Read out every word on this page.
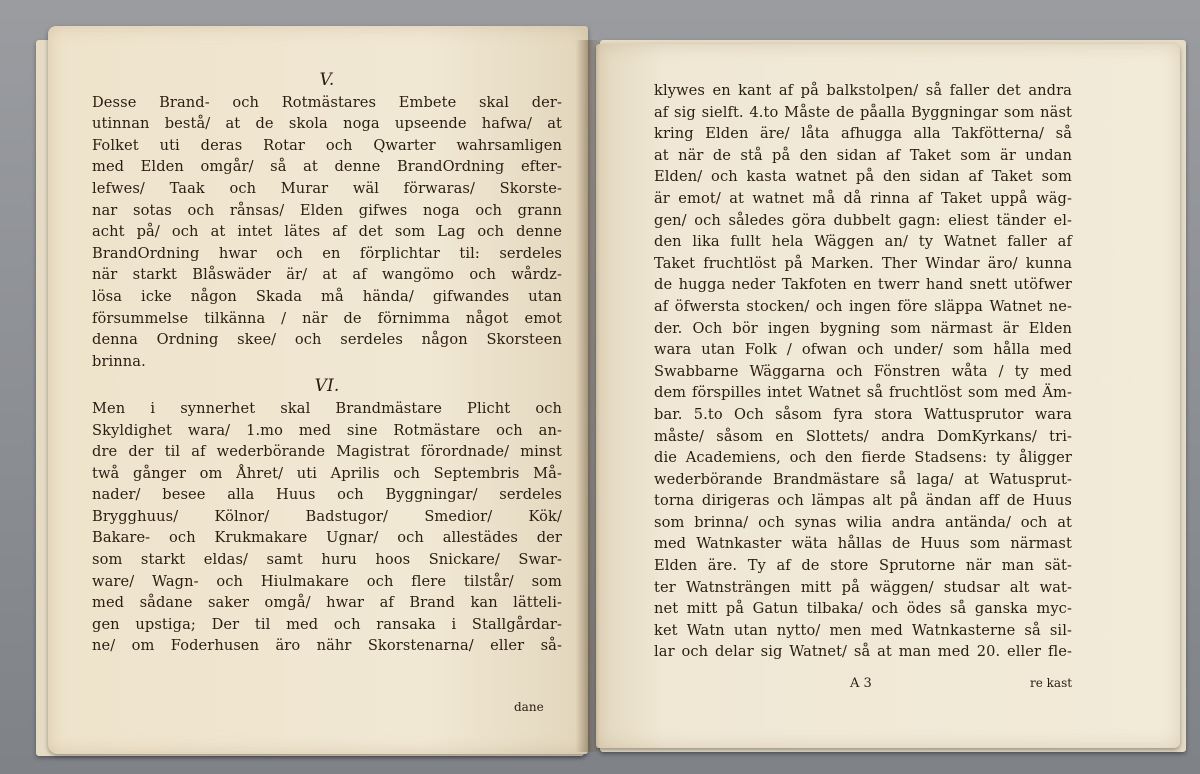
V.
Desse Brand- och Rotmästares Embete skal der-
utinnan bestå/ at de skola noga upseende hafwa/ at
Folket uti deras Rotar och Qwarter wahrsamligen
med Elden omgår/ så at denne BrandOrdning efter-
lefwes/ Taak och Murar wäl förwaras/ Skorste-
nar sotas och rånsas/ Elden gifwes noga och grann
acht på/ och at intet lätes af det som Lag och denne
BrandOrdning hwar och en förplichtar til: serdeles
när starkt Blåswäder är/ at af wangömo och wårdz-
lösa icke någon Skada må hända/ gifwandes utan
försummelse tilkänna / när de förnimma något emot
denna Ordning skee/ och serdeles någon Skorsteen
brinna.
VI.
Men i synnerhet skal Brandmästare Plicht och
Skyldighet wara/ 1.mo med sine Rotmästare och an-
dre der til af wederbörande Magistrat förordnade/ minst
twå gånger om Åhret/ uti Aprilis och Septembris Må-
nader/ besee alla Huus och Byggningar/ serdeles
Brygghuus/ Kölnor/ Badstugor/ Smedior/ Kök/
Bakare- och Krukmakare Ugnar/ och allestädes der
som starkt eldas/ samt huru hoos Snickare/ Swar-
ware/ Wagn- och Hiulmakare och flere tilstår/ som
med sådane saker omgå/ hwar af Brand kan lätteli-
gen upstiga; Der til med och ransaka i Stallgårdar-
ne/ om Foderhusen äro nähr Skorstenarna/ eller så-
dane
klywes en kant af på balkstolpen/ så faller det andra
af sig sielft. 4.to Måste de påalla Byggningar som näst
kring Elden äre/ låta afhugga alla Takfötterna/ så
at när de stå på den sidan af Taket som är undan
Elden/ och kasta watnet på den sidan af Taket som
är emot/ at watnet må då rinna af Taket uppå wäg-
gen/ och således göra dubbelt gagn: eliest tänder el-
den lika fullt hela Wäggen an/ ty Watnet faller af
Taket fruchtlöst på Marken. Ther Windar äro/ kunna
de hugga neder Takfoten en twerr hand snett utöfwer
af öfwersta stocken/ och ingen före släppa Watnet ne-
der. Och bör ingen bygning som närmast är Elden
wara utan Folk / ofwan och under/ som hålla med
Swabbarne Wäggarna och Fönstren wåta / ty med
dem förspilles intet Watnet så fruchtlöst som med Äm-
bar. 5.to Och såsom fyra stora Wattusprutor wara
måste/ såsom en Slottets/ andra DomKyrkans/ tri-
die Academiens, och den fierde Stadsens: ty åligger
wederbörande Brandmästare så laga/ at Watusprut-
torna dirigeras och lämpas alt på ändan aff de Huus
som brinna/ och synas wilia andra antända/ och at
med Watnkaster wäta hållas de Huus som närmast
Elden äre. Ty af de store Sprutorne när man sät-
ter Watnsträngen mitt på wäggen/ studsar alt wat-
net mitt på Gatun tilbaka/ och ödes så ganska myc-
ket Watn utan nytto/ men med Watnkasterne så sil-
lar och delar sig Watnet/ så at man med 20. eller fle-
A 3	re kast
